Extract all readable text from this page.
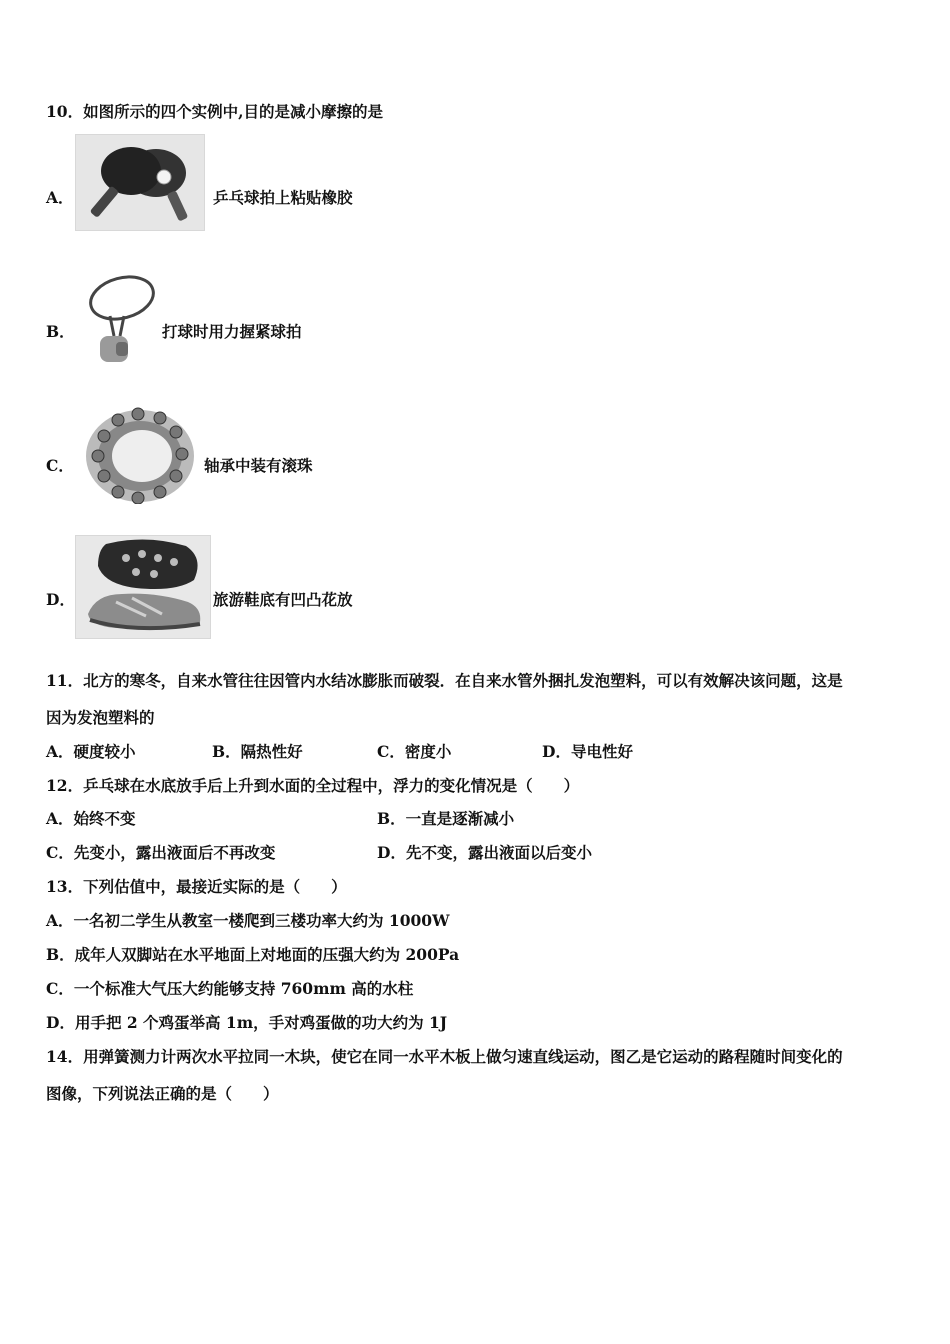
10．如图所示的四个实例中,目的是减小摩擦的是
A．	乒乓球拍上粘贴橡胶
B．	打球时用力握紧球拍
C．	轴承中装有滚珠
D．	旅游鞋底有凹凸花放
11．北方的寒冬，自来水管往往因管内水结冰膨胀而破裂．在自来水管外捆扎发泡塑料，可以有效解决该问题，这是
因为发泡塑料的
A．硬度较小	B．隔热性好	C．密度小	D．导电性好
12．乒乓球在水底放手后上升到水面的全过程中，浮力的变化情况是（　　）
A．始终不变	B．一直是逐渐减小
C．先变小，露出液面后不再改变	D．先不变，露出液面以后变小
13．下列估值中，最接近实际的是（　　）
A．一名初二学生从教室一楼爬到三楼功率大约为 1000W
B．成年人双脚站在水平地面上对地面的压强大约为 200Pa
C．一个标准大气压大约能够支持 760mm 高的水柱
D．用手把 2 个鸡蛋举高 1m，手对鸡蛋做的功大约为 1J
14．用弹簧测力计两次水平拉同一木块，使它在同一水平木板上做匀速直线运动，图乙是它运动的路程随时间变化的
图像，下列说法正确的是（　　）
